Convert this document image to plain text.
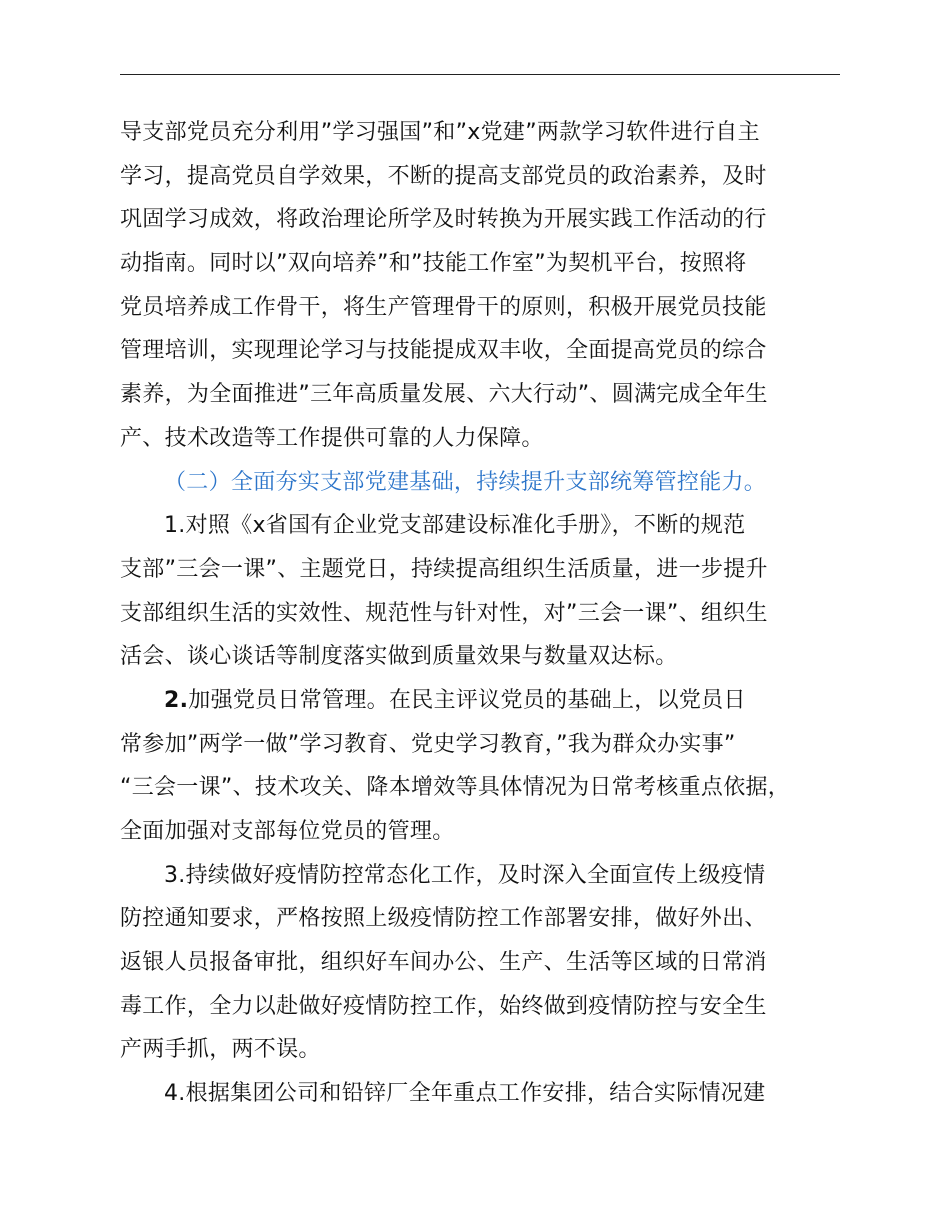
导支部党员充分利用”学习强国”和”x党建”两款学习软件进行自主
学习，提高党员自学效果，不断的提高支部党员的政治素养，及时
巩固学习成效，将政治理论所学及时转换为开展实践工作活动的行
动指南。同时以”双向培养”和”技能工作室”为契机平台，按照将
党员培养成工作骨干，将生产管理骨干的原则，积极开展党员技能
管理培训，实现理论学习与技能提成双丰收，全面提高党员的综合
素养，为全面推进”三年高质量发展、六大行动”、圆满完成全年生
产、技术改造等工作提供可靠的人力保障。
（二）全面夯实支部党建基础，持续提升支部统筹管控能力。
1.对照《x省国有企业党支部建设标准化手册》，不断的规范
支部”三会一课”、主题党日，持续提高组织生活质量，进一步提升
支部组织生活的实效性、规范性与针对性，对”三会一课”、组织生
活会、谈心谈话等制度落实做到质量效果与数量双达标。
2.加强党员日常管理。在民主评议党员的基础上，以党员日
常参加”两学一做”学习教育、党史学习教育，”我为群众办实事”
“三会一课”、技术攻关、降本增效等具体情况为日常考核重点依据，
全面加强对支部每位党员的管理。
3.持续做好疫情防控常态化工作，及时深入全面宣传上级疫情
防控通知要求，严格按照上级疫情防控工作部署安排，做好外出、
返银人员报备审批，组织好车间办公、生产、生活等区域的日常消
毒工作，全力以赴做好疫情防控工作，始终做到疫情防控与安全生
产两手抓，两不误。
4.根据集团公司和铅锌厂全年重点工作安排，结合实际情况建
